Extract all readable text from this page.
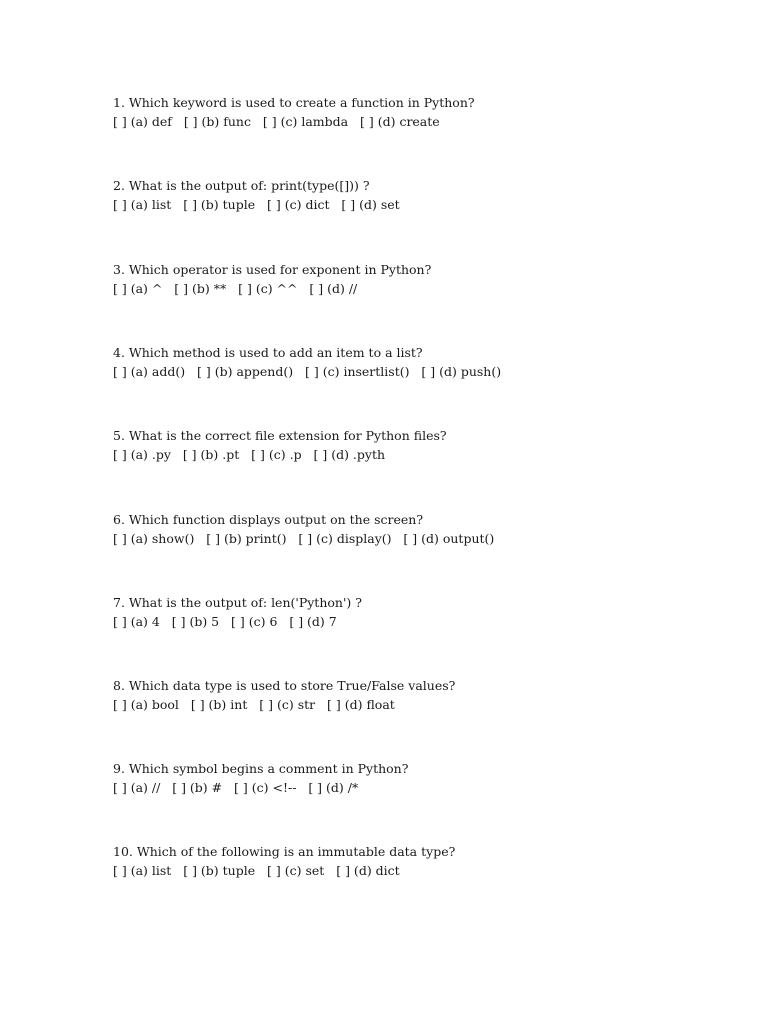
1. Which keyword is used to create a function in Python?

[ ] (a) def   [ ] (b) func   [ ] (c) lambda   [ ] (d) create

2. What is the output of: print(type([])) ?

[ ] (a) list   [ ] (b) tuple   [ ] (c) dict   [ ] (d) set

3. Which operator is used for exponent in Python?

[ ] (a) ^   [ ] (b) **   [ ] (c) ^^   [ ] (d) //

4. Which method is used to add an item to a list?

[ ] (a) add()   [ ] (b) append()   [ ] (c) insertlist()   [ ] (d) push()

5. What is the correct file extension for Python files?

[ ] (a) .py   [ ] (b) .pt   [ ] (c) .p   [ ] (d) .pyth

6. Which function displays output on the screen?

[ ] (a) show()   [ ] (b) print()   [ ] (c) display()   [ ] (d) output()

7. What is the output of: len('Python') ?

[ ] (a) 4   [ ] (b) 5   [ ] (c) 6   [ ] (d) 7

8. Which data type is used to store True/False values?

[ ] (a) bool   [ ] (b) int   [ ] (c) str   [ ] (d) float

9. Which symbol begins a comment in Python?

[ ] (a) //   [ ] (b) #   [ ] (c) <!--   [ ] (d) /*

10. Which of the following is an immutable data type?

[ ] (a) list   [ ] (b) tuple   [ ] (c) set   [ ] (d) dict
